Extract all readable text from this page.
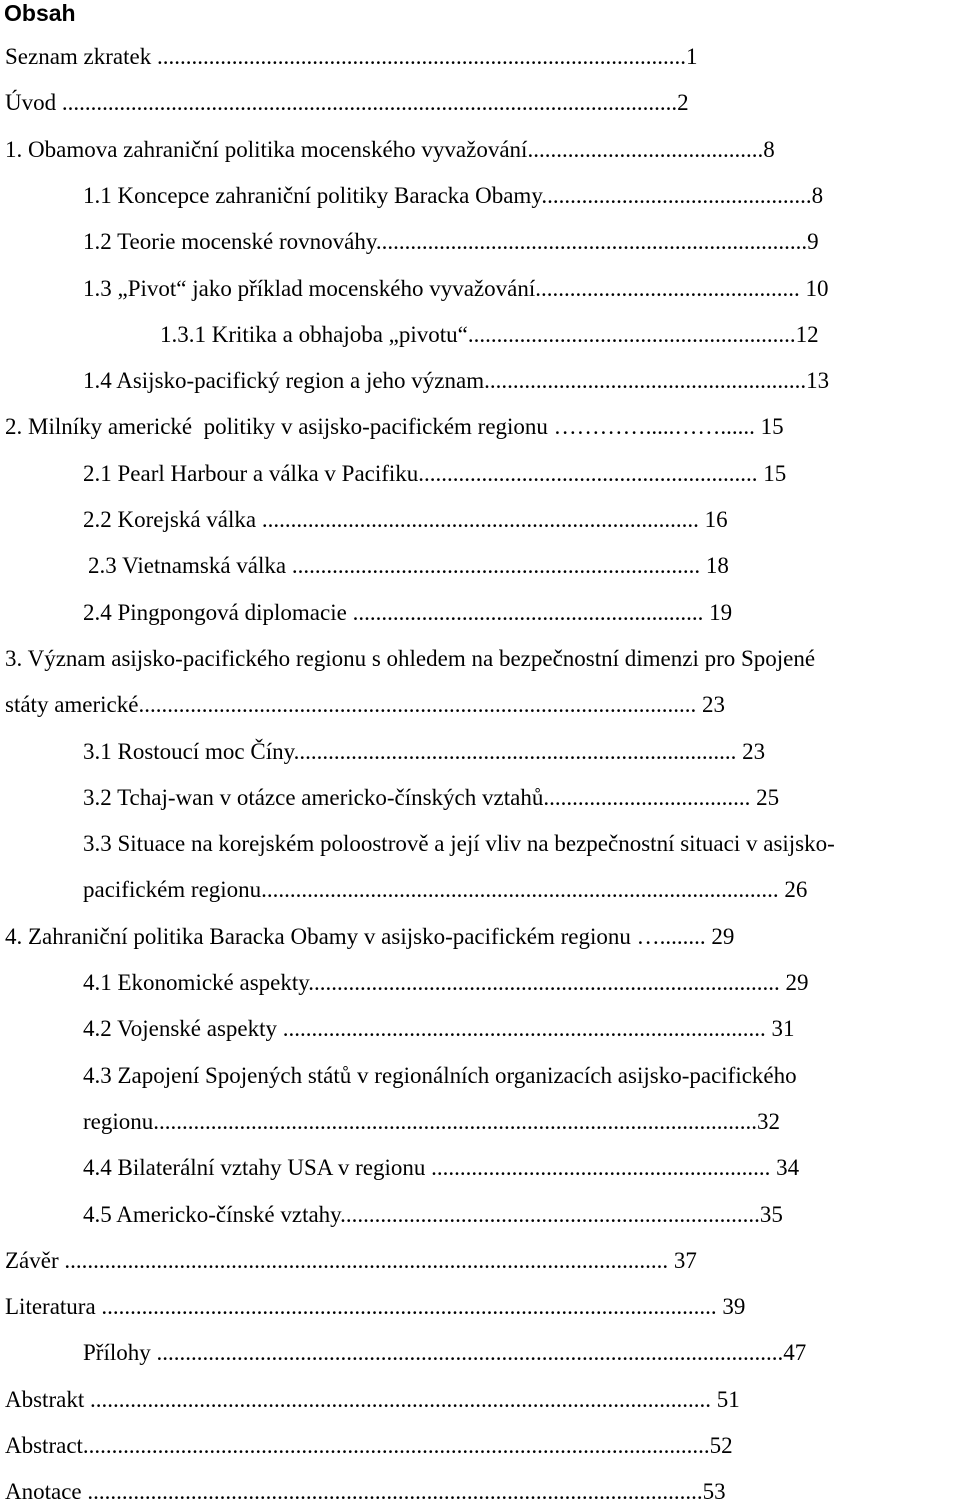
Obsah
Seznam zkratek ............................................................................................1
Úvod ...........................................................................................................2
1. Obamova zahraniční politika mocenského vyvažování.........................................8
1.1 Koncepce zahraniční politiky Baracka Obamy...............................................8
1.2 Teorie mocenské rovnováhy...........................................................................9
1.3 „Pivot“ jako příklad mocenského vyvažování.............................................. 10
1.3.1 Kritika a obhajoba „pivotu“.........................................................12
1.4 Asijsko-pacifický region a jeho význam........................................................13
2. Milníky americké  politiky v asijsko-pacifickém regionu ………….....……...... 15
2.1 Pearl Harbour a válka v Pacifiku........................................................... 15
2.2 Korejská válka ............................................................................ 16
2.3 Vietnamská válka ....................................................................... 18
2.4 Pingpongová diplomacie ............................................................. 19
3. Význam asijsko-pacifického regionu s ohledem na bezpečnostní dimenzi pro Spojené
státy americké................................................................................................. 23
3.1 Rostoucí moc Číny............................................................................. 23
3.2 Tchaj-wan v otázce americko-čínských vztahů.................................... 25
3.3 Situace na korejském poloostrově a její vliv na bezpečnostní situaci v asijsko-
pacifickém regionu.......................................................................................... 26
4. Zahraniční politika Baracka Obamy v asijsko-pacifickém regionu …........ 29
4.1 Ekonomické aspekty.................................................................................. 29
4.2 Vojenské aspekty .................................................................................... 31
4.3 Zapojení Spojených států v regionálních organizacích asijsko-pacifického
regionu.........................................................................................................32
4.4 Bilaterální vztahy USA v regionu ........................................................... 34
4.5 Americko-čínské vztahy.........................................................................35
Závěr ......................................................................................................... 37
Literatura ........................................................................................................... 39
Přílohy .............................................................................................................47
Abstrakt ............................................................................................................ 51
Abstract.............................................................................................................52
Anotace ...........................................................................................................53
